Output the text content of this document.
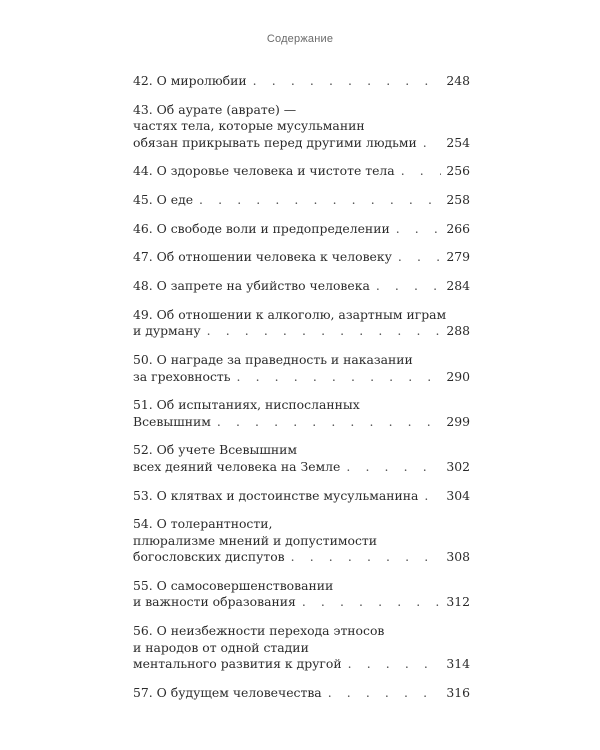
Содержание
42. О миролюбии . . .	248
43. Об аурате (аврате) —
частях тела, которые мусульманин
обязан прикрывать перед другими людьми . . . 254
44. О здоровье человека и чистоте тела . . .	256
45. О еде . . .	258
46. О свободе воли и предопределении . . .	266
47. Об отношении человека к человеку . . .	279
48. О запрете на убийство человека . . .	284
49. Об отношении к алкоголю, азартным играм
и дурману . . .	288
50. О награде за праведность и наказании
за греховность . . .	290
51. Об испытаниях, ниспосланных
Всевышним . . .	299
52. Об учете Всевышним
всех деяний человека на Земле . . .	302
53. О клятвах и достоинстве мусульманина . . . 304
54. О толерантности,
плюрализме мнений и допустимости
богословских диспутов . . .	308
55. О самосовершенствовании
и важности образования . . .	312
56. О неизбежности перехода этносов
и народов от одной стадии
ментального развития к другой . . .	314
57. О будущем человечества . . .	316
